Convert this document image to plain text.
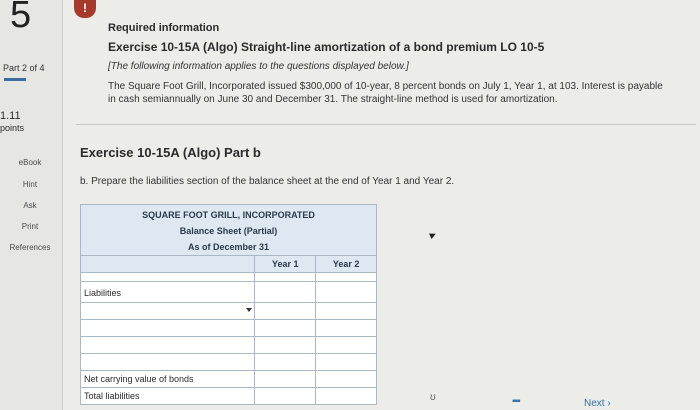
5
Part 2 of 4
1.11
points
eBook
Hint
Ask
Print
References
!
Required information
Exercise 10-15A (Algo) Straight-line amortization of a bond premium LO 10-5
[The following information applies to the questions displayed below.]
The Square Foot Grill, Incorporated issued $300,000 of 10-year, 8 percent bonds on July 1, Year 1, at 103. Interest is payable in cash semiannually on June 30 and December 31. The straight-line method is used for amortization.
Exercise 10-15A (Algo) Part b
b. Prepare the liabilities section of the balance sheet at the end of Year 1 and Year 2.
SQUARE FOOT GRILL, INCORPORATED
Balance Sheet (Partial)
As of December 31
Year 1	Year 2
Liabilities
Net carrying value of bonds
Total liabilities	ʊ	▪▪▪	Next ›
